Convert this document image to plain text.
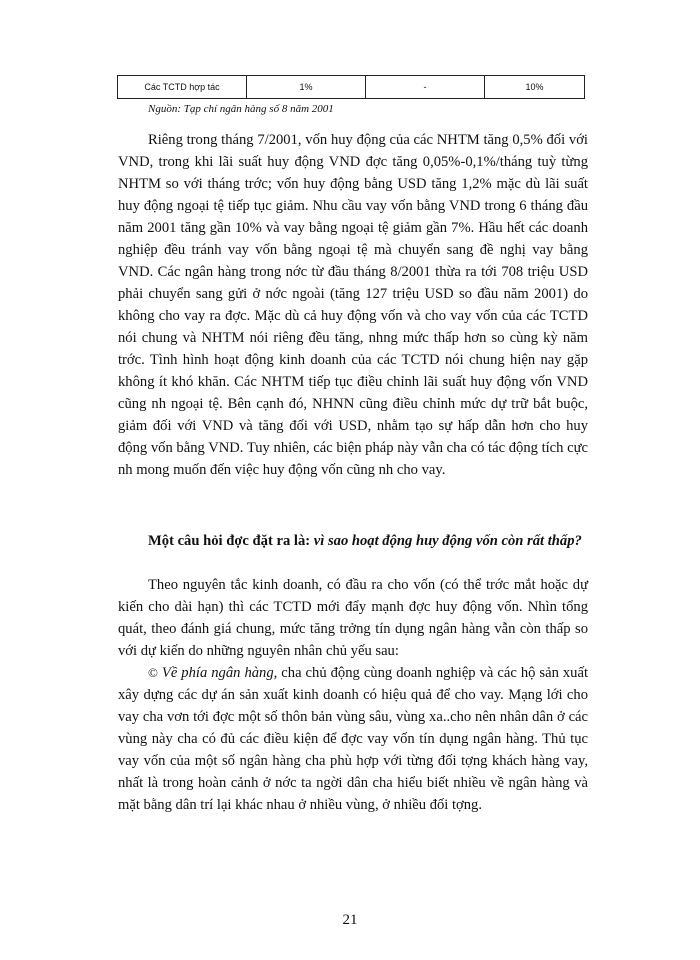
Các TCTD hợp tác	1%	-	10%
Nguồn: Tạp chí ngân hàng số 8 năm 2001

Riêng trong tháng 7/2001, vốn huy động của các NHTM tăng 0,5% đối với VND, trong khi lãi suất huy động VND đợc tăng 0,05%-0,1%/tháng tuỳ từng NHTM so với tháng trớc; vốn huy động bằng USD tăng 1,2% mặc dù lãi suất huy động ngoại tệ tiếp tục giảm. Nhu cầu vay vốn bằng VND trong 6 tháng đầu năm 2001 tăng gần 10% và vay bằng ngoại tệ giảm gần 7%. Hầu hết các doanh nghiệp đều tránh vay vốn bằng ngoại tệ mà chuyển sang đề nghị vay bằng VND. Các ngân hàng trong nớc từ đầu tháng 8/2001 thừa ra tới 708 triệu USD phải chuyển sang gửi ở nớc ngoài (tăng 127 triệu USD so đầu năm 2001) do không cho vay ra đợc. Mặc dù cả huy động vốn và cho vay vốn của các TCTD nói chung và NHTM nói riêng đều tăng, nhng mức thấp hơn so cùng kỳ năm trớc. Tình hình hoạt động kinh doanh của các TCTD nói chung hiện nay gặp không ít khó khăn. Các NHTM tiếp tục điều chỉnh lãi suất huy động vốn VND cũng nh ngoại tệ. Bên cạnh đó, NHNN cũng điều chỉnh mức dự trữ bắt buộc, giảm đối với VND và tăng đối với USD, nhằm tạo sự hấp dẫn hơn cho huy động vốn bằng VND. Tuy nhiên, các biện pháp này vẫn cha có tác động tích cực nh mong muốn đến việc huy động vốn cũng nh cho vay.

Một câu hỏi đợc đặt ra là: vì sao hoạt động huy động vốn còn rất thấp?

Theo nguyên tắc kinh doanh, có đầu ra cho vốn (có thể trớc mắt hoặc dự kiến cho dài hạn) thì các TCTD mới đẩy mạnh đợc huy động vốn. Nhìn tổng quát, theo đánh giá chung, mức tăng trởng tín dụng ngân hàng vẫn còn thấp so với dự kiến do những nguyên nhân chủ yếu sau:

© Về phía ngân hàng, cha chủ động cùng doanh nghiệp và các hộ sản xuất xây dựng các dự án sản xuất kinh doanh có hiệu quả để cho vay. Mạng lới cho vay cha vơn tới đợc một số thôn bản vùng sâu, vùng xa..cho nên nhân dân ở các vùng này cha có đủ các điều kiện để đợc vay vốn tín dụng ngân hàng. Thủ tục vay vốn của một số ngân hàng cha phù hợp với từng đối tợng khách hàng vay, nhất là trong hoàn cảnh ở nớc ta ngời dân cha hiểu biết nhiều về ngân hàng và mặt bằng dân trí lại khác nhau ở nhiều vùng, ở nhiều đối tợng.

21
